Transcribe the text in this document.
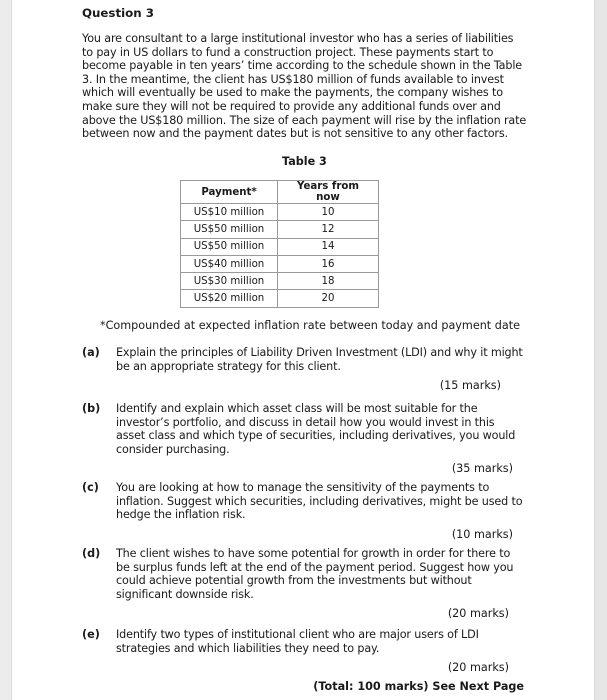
Question 3
You are consultant to a large institutional investor who has a series of liabilities to pay in US dollars to fund a construction project. These payments start to become payable in ten years’ time according to the schedule shown in the Table 3. In the meantime, the client has US$180 million of funds available to invest which will eventually be used to make the payments, the company wishes to make sure they will not be required to provide any additional funds over and above the US$180 million. The size of each payment will rise by the inflation rate between now and the payment dates but is not sensitive to any other factors.
Table 3
Payment*	Years from now
US$10 million	10
US$50 million	12
US$50 million	14
US$40 million	16
US$30 million	18
US$20 million	20
*Compounded at expected inflation rate between today and payment date
(a) Explain the principles of Liability Driven Investment (LDI) and why it might be an appropriate strategy for this client.
(15 marks)
(b) Identify and explain which asset class will be most suitable for the investor’s portfolio, and discuss in detail how you would invest in this asset class and which type of securities, including derivatives, you would consider purchasing.
(35 marks)
(c) You are looking at how to manage the sensitivity of the payments to inflation. Suggest which securities, including derivatives, might be used to hedge the inflation risk.
(10 marks)
(d) The client wishes to have some potential for growth in order for there to be surplus funds left at the end of the payment period. Suggest how you could achieve potential growth from the investments but without significant downside risk.
(20 marks)
(e) Identify two types of institutional client who are major users of LDI strategies and which liabilities they need to pay.
(20 marks)
(Total: 100 marks) See Next Page
